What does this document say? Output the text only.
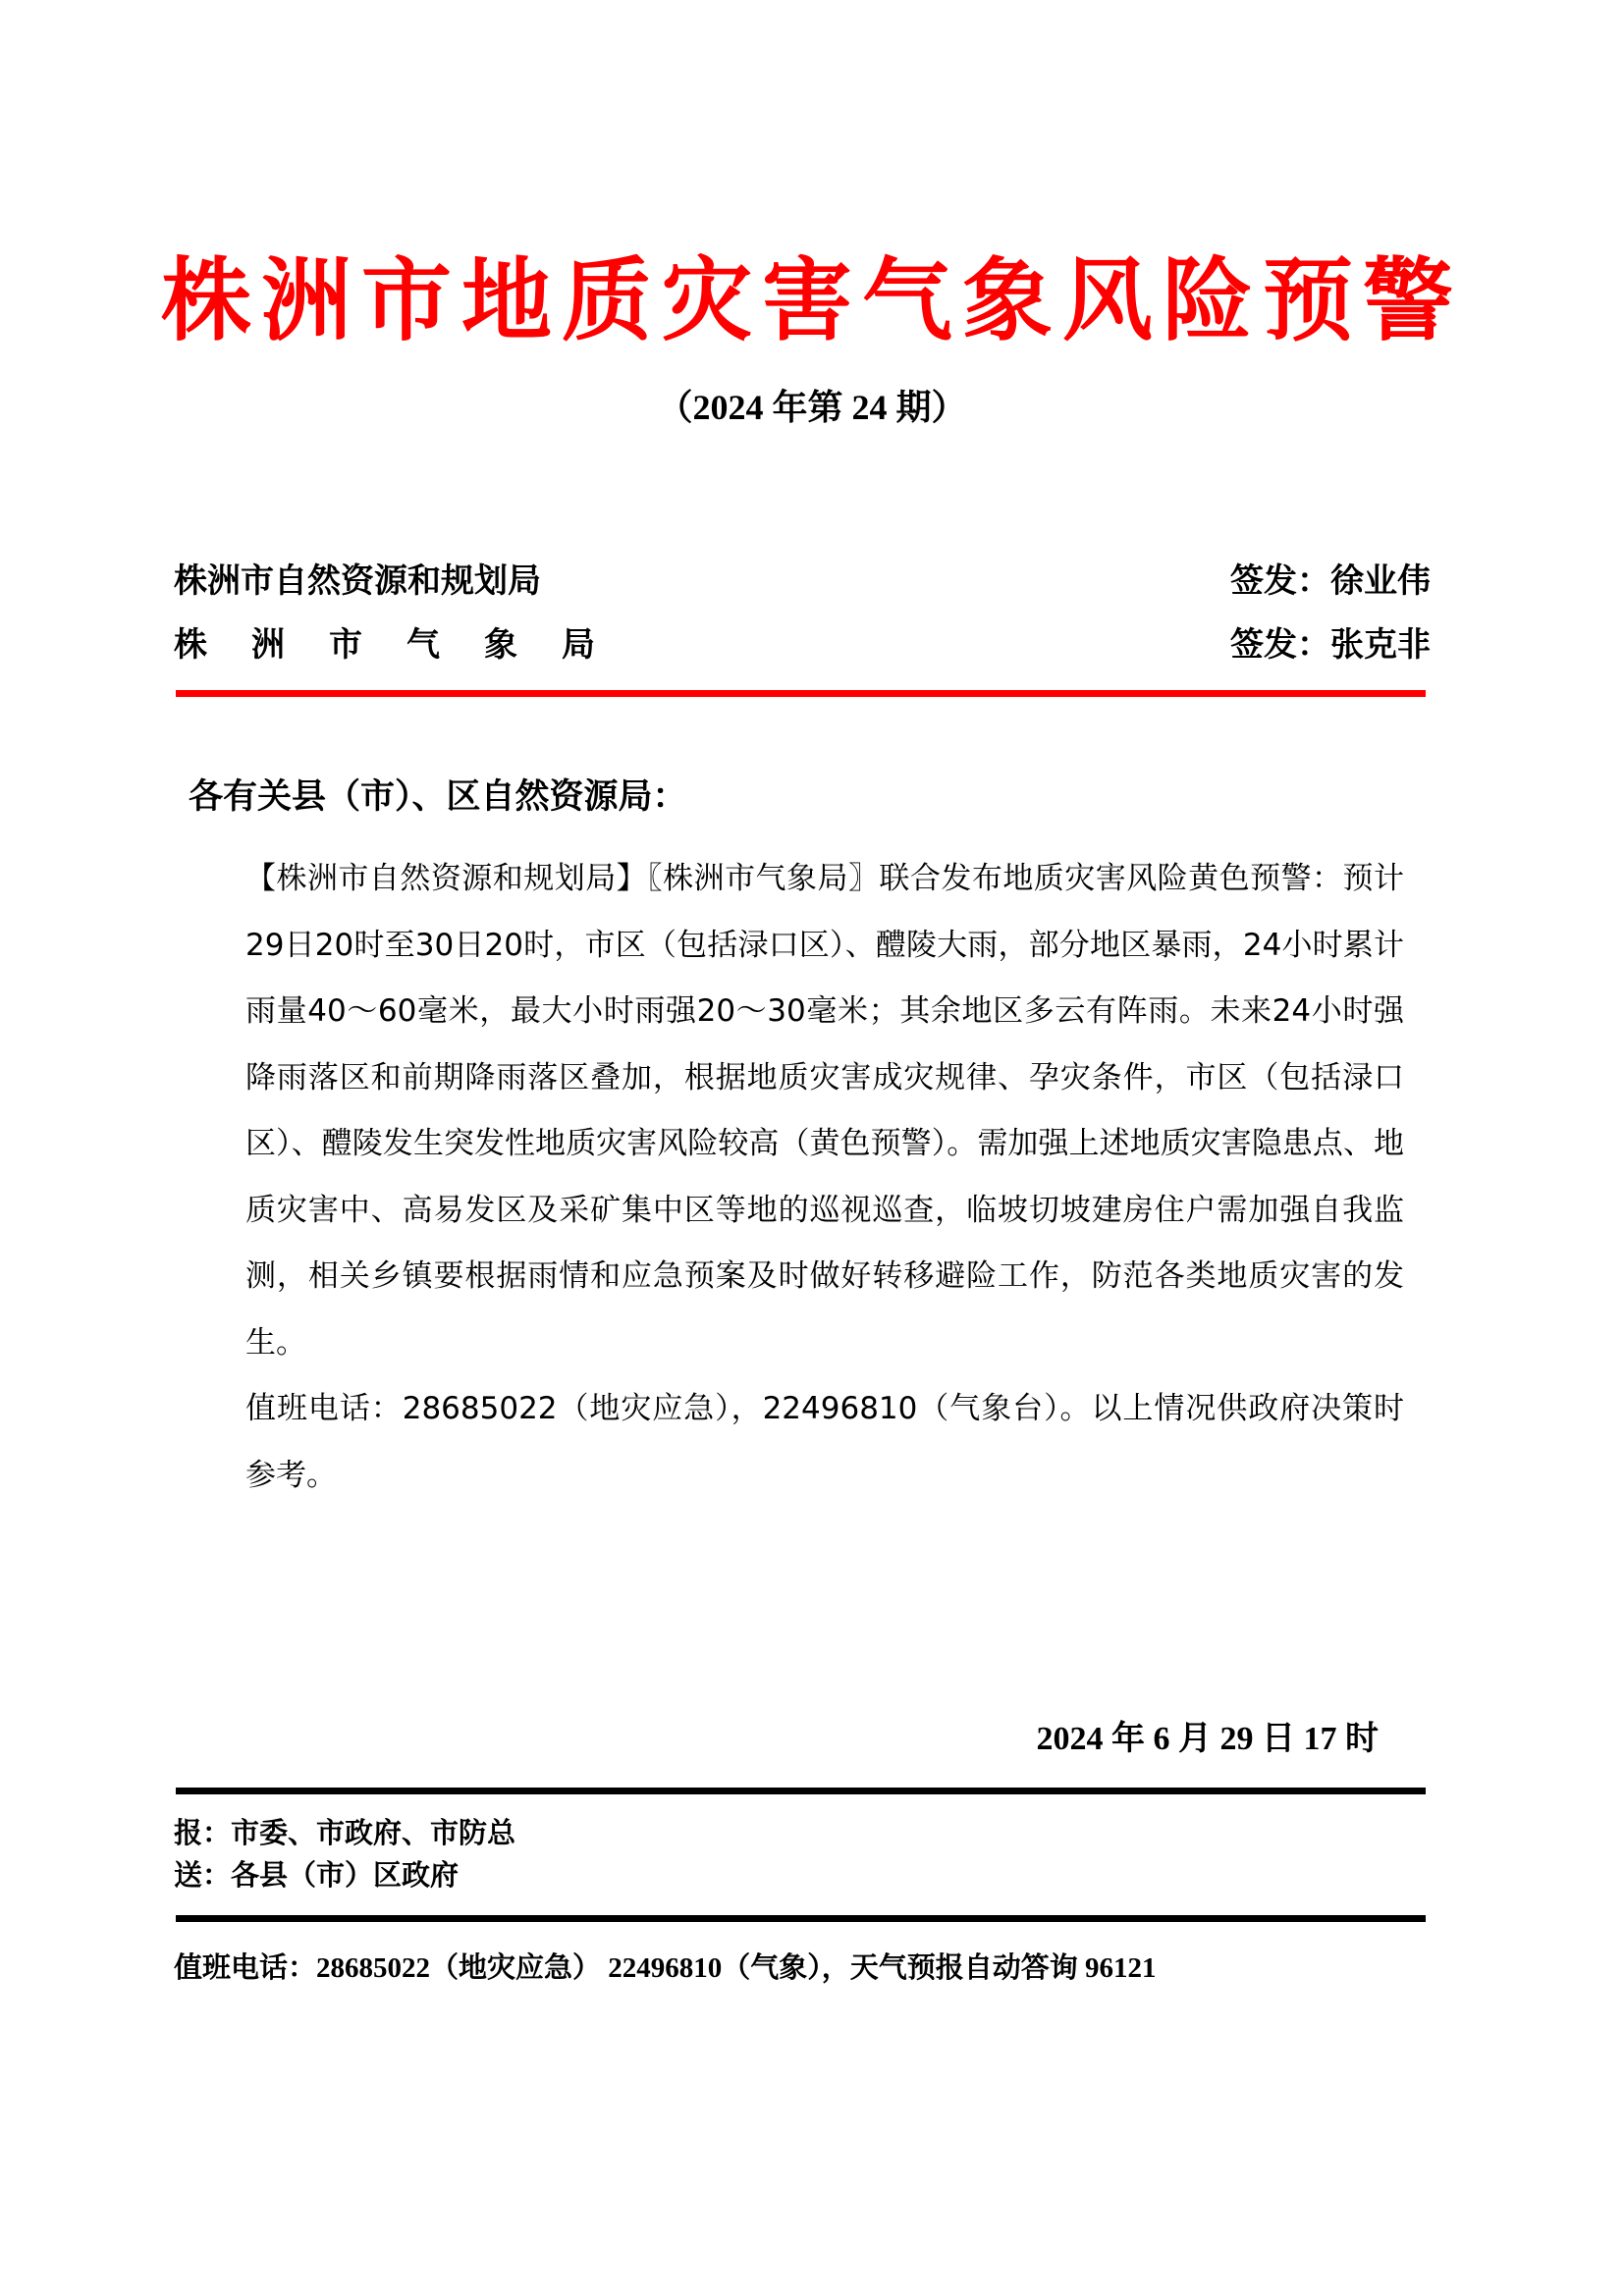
株洲市地质灾害气象风险预警
（2024 年第 24 期）
株洲市自然资源和规划局	签发：徐业伟
株 洲 市 气 象 局	签发：张克非
各有关县（市）、区自然资源局：

【株洲市自然资源和规划局】〖株洲市气象局〗联合发布地质灾害风险黄色预警：预计29日20时至30日20时，市区（包括渌口区）、醴陵大雨，部分地区暴雨，24小时累计雨量40～60毫米，最大小时雨强20～30毫米；其余地区多云有阵雨。未来24小时强降雨落区和前期降雨落区叠加，根据地质灾害成灾规律、孕灾条件，市区（包括渌口区）、醴陵发生突发性地质灾害风险较高（黄色预警）。需加强上述地质灾害隐患点、地质灾害中、高易发区及采矿集中区等地的巡视巡查，临坡切坡建房住户需加强自我监测，相关乡镇要根据雨情和应急预案及时做好转移避险工作，防范各类地质灾害的发生。

值班电话：28685022（地灾应急），22496810（气象台）。以上情况供政府决策时参考。

2024 年 6 月 29 日 17 时
报：市委、市政府、市防总
送：各县（市）区政府
值班电话：28685022（地灾应急） 22496810（气象），天气预报自动答询 96121
